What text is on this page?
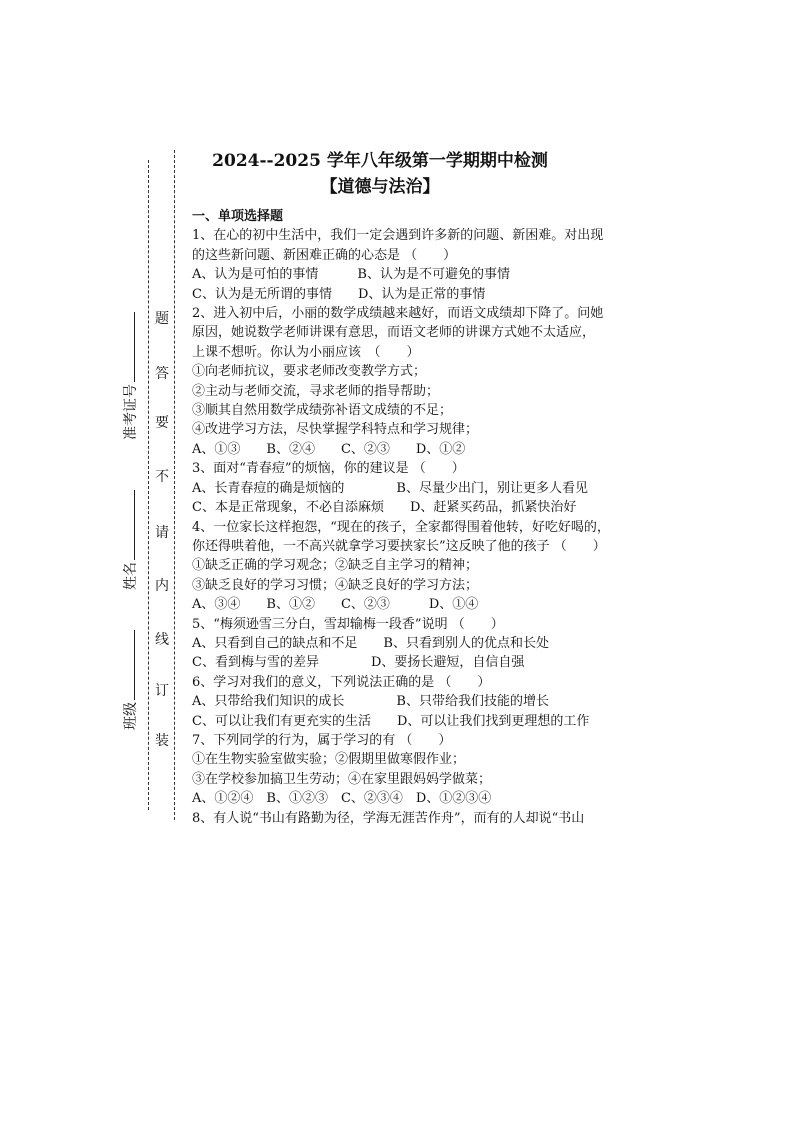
准考证号
姓名
班级
题
答
要
不
请
内
线
订
装
2024--2025 学年八年级第一学期期中检测
【道德与法治】
一、单项选择题
1、在心的初中生活中，我们一定会遇到许多新的问题、新困难。对出现
的这些新问题、新困难正确的心态是 （　　）
A、认为是可怕的事情　　　B、认为是不可避免的事情
C、认为是无所谓的事情　　D、认为是正常的事情
2、进入初中后，小丽的数学成绩越来越好，而语文成绩却下降了。问她
原因，她说数学老师讲课有意思，而语文老师的讲课方式她不太适应，
上课不想听。你认为小丽应该　（　　）
①向老师抗议，要求老师改变教学方式；
②主动与老师交流，寻求老师的指导帮助；
③顺其自然用数学成绩弥补语文成绩的不足；
④改进学习方法，尽快掌握学科特点和学习规律；
A、①③　　B、②④　　C、②③　　D、①②
3、面对“青春痘”的烦恼，你的建议是 （　　）
A、长青春痘的确是烦恼的　　　　B、尽量少出门，别让更多人看见
C、本是正常现象，不必自添麻烦　　D、赶紧买药品，抓紧快治好
4、一位家长这样抱怨，“现在的孩子，全家都得围着他转，好吃好喝的，
你还得哄着他，一不高兴就拿学习要挟家长”这反映了他的孩子 （　　）
①缺乏正确的学习观念；②缺乏自主学习的精神；
③缺乏良好的学习习惯；④缺乏良好的学习方法；
A、③④　　B、①②　　C、②③　　　D、①④
5、“梅须逊雪三分白，雪却输梅一段香”说明 （　　）
A、只看到自己的缺点和不足　　B、只看到别人的优点和长处
C、看到梅与雪的差异　　　　D、要扬长避短，自信自强
6、学习对我们的意义，下列说法正确的是 （　　）
A、只带给我们知识的成长　　　　B、只带给我们技能的增长
C、可以让我们有更充实的生活　　D、可以让我们找到更理想的工作
7、下列同学的行为，属于学习的有 （　　）
①在生物实验室做实验；②假期里做寒假作业；
③在学校参加搞卫生劳动；④在家里跟妈妈学做菜；
A、①②④　B、①②③　C、②③④　D、①②③④
8、有人说“书山有路勤为径，学海无涯苦作舟”，而有的人却说“书山
